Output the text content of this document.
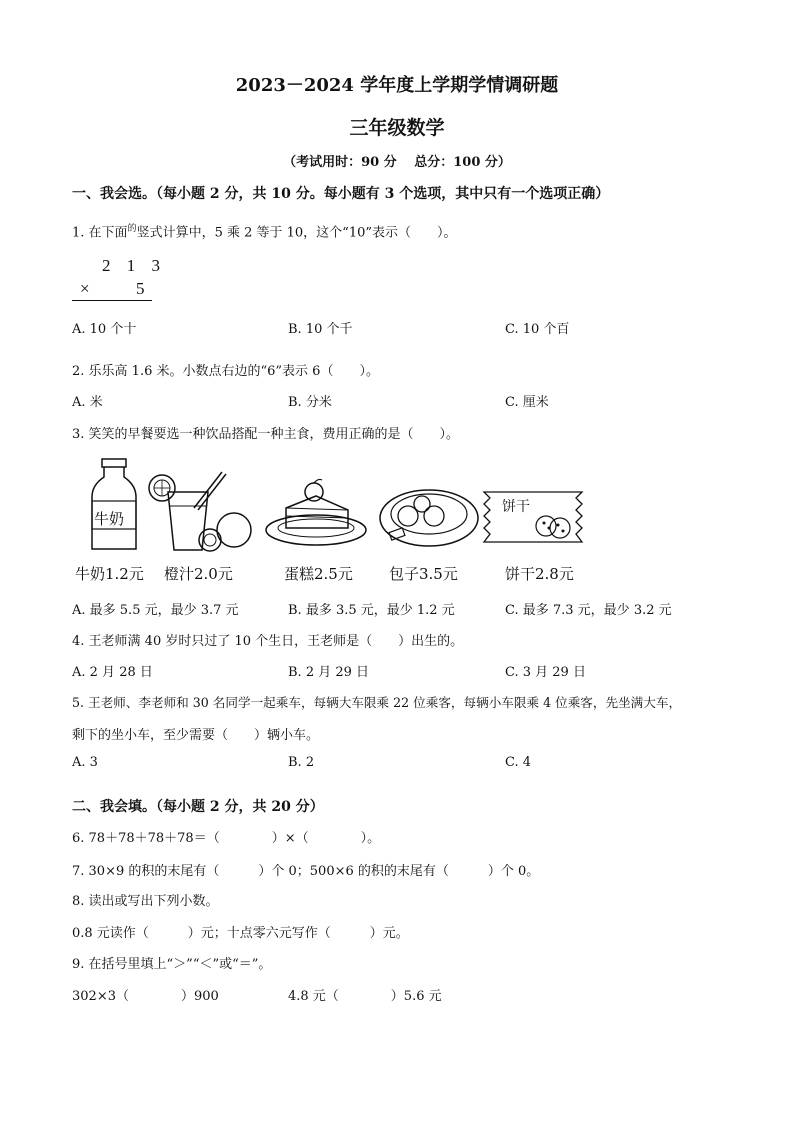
2023－2024 学年度上学期学情调研题
三年级数学
（考试用时：90 分　 总分：100 分）
一、我会选。（每小题 2 分，共 10 分。每小题有 3 个选项，其中只有一个选项正确）
1. 在下面$^的$竖式计算中，5 乘 2 等于 10，这个“10”表示（　　）。
2 1 3
× 5
A. 10 个十	B. 10 个千	C. 10 个百
2. 乐乐高 1.6 米。小数点右边的“6”表示 6（　　）。
A. 米	B. 分米	C. 厘米
3. 笑笑的早餐要选一种饮品搭配一种主食，费用正确的是（　　）。
牛奶
饼干
牛奶1.2元 橙汁2.0元	蛋糕2.5元 包子3.5元	饼干2.8元
A. 最多 5.5 元，最少 3.7 元	B. 最多 3.5 元，最少 1.2 元	C. 最多 7.3 元，最少 3.2 元
4. 王老师满 40 岁时只过了 10 个生日，王老师是（　　）出生的。
A. 2 月 28 日	B. 2 月 29 日	C. 3 月 29 日
5. 王老师、李老师和 30 名同学一起乘车，每辆大车限乘 22 位乘客，每辆小车限乘 4 位乘客，先坐满大车，
剩下的坐小车，至少需要（　　）辆小车。
A. 3	B. 2	C. 4
二、我会填。（每小题 2 分，共 20 分）
6. 78＋78＋78＋78＝（　　　　）×（　　　　）。
7. 30×9 的积的末尾有（　　　）个 0；500×6 的积的末尾有（　　　）个 0。
8. 读出或写出下列小数。
0.8 元读作（　　　）元；十点零六元写作（　　　）元。
9. 在括号里填上“＞”“＜”或“＝”。
302×3（　　　　）900	4.8 元（　　　　）5.6 元
